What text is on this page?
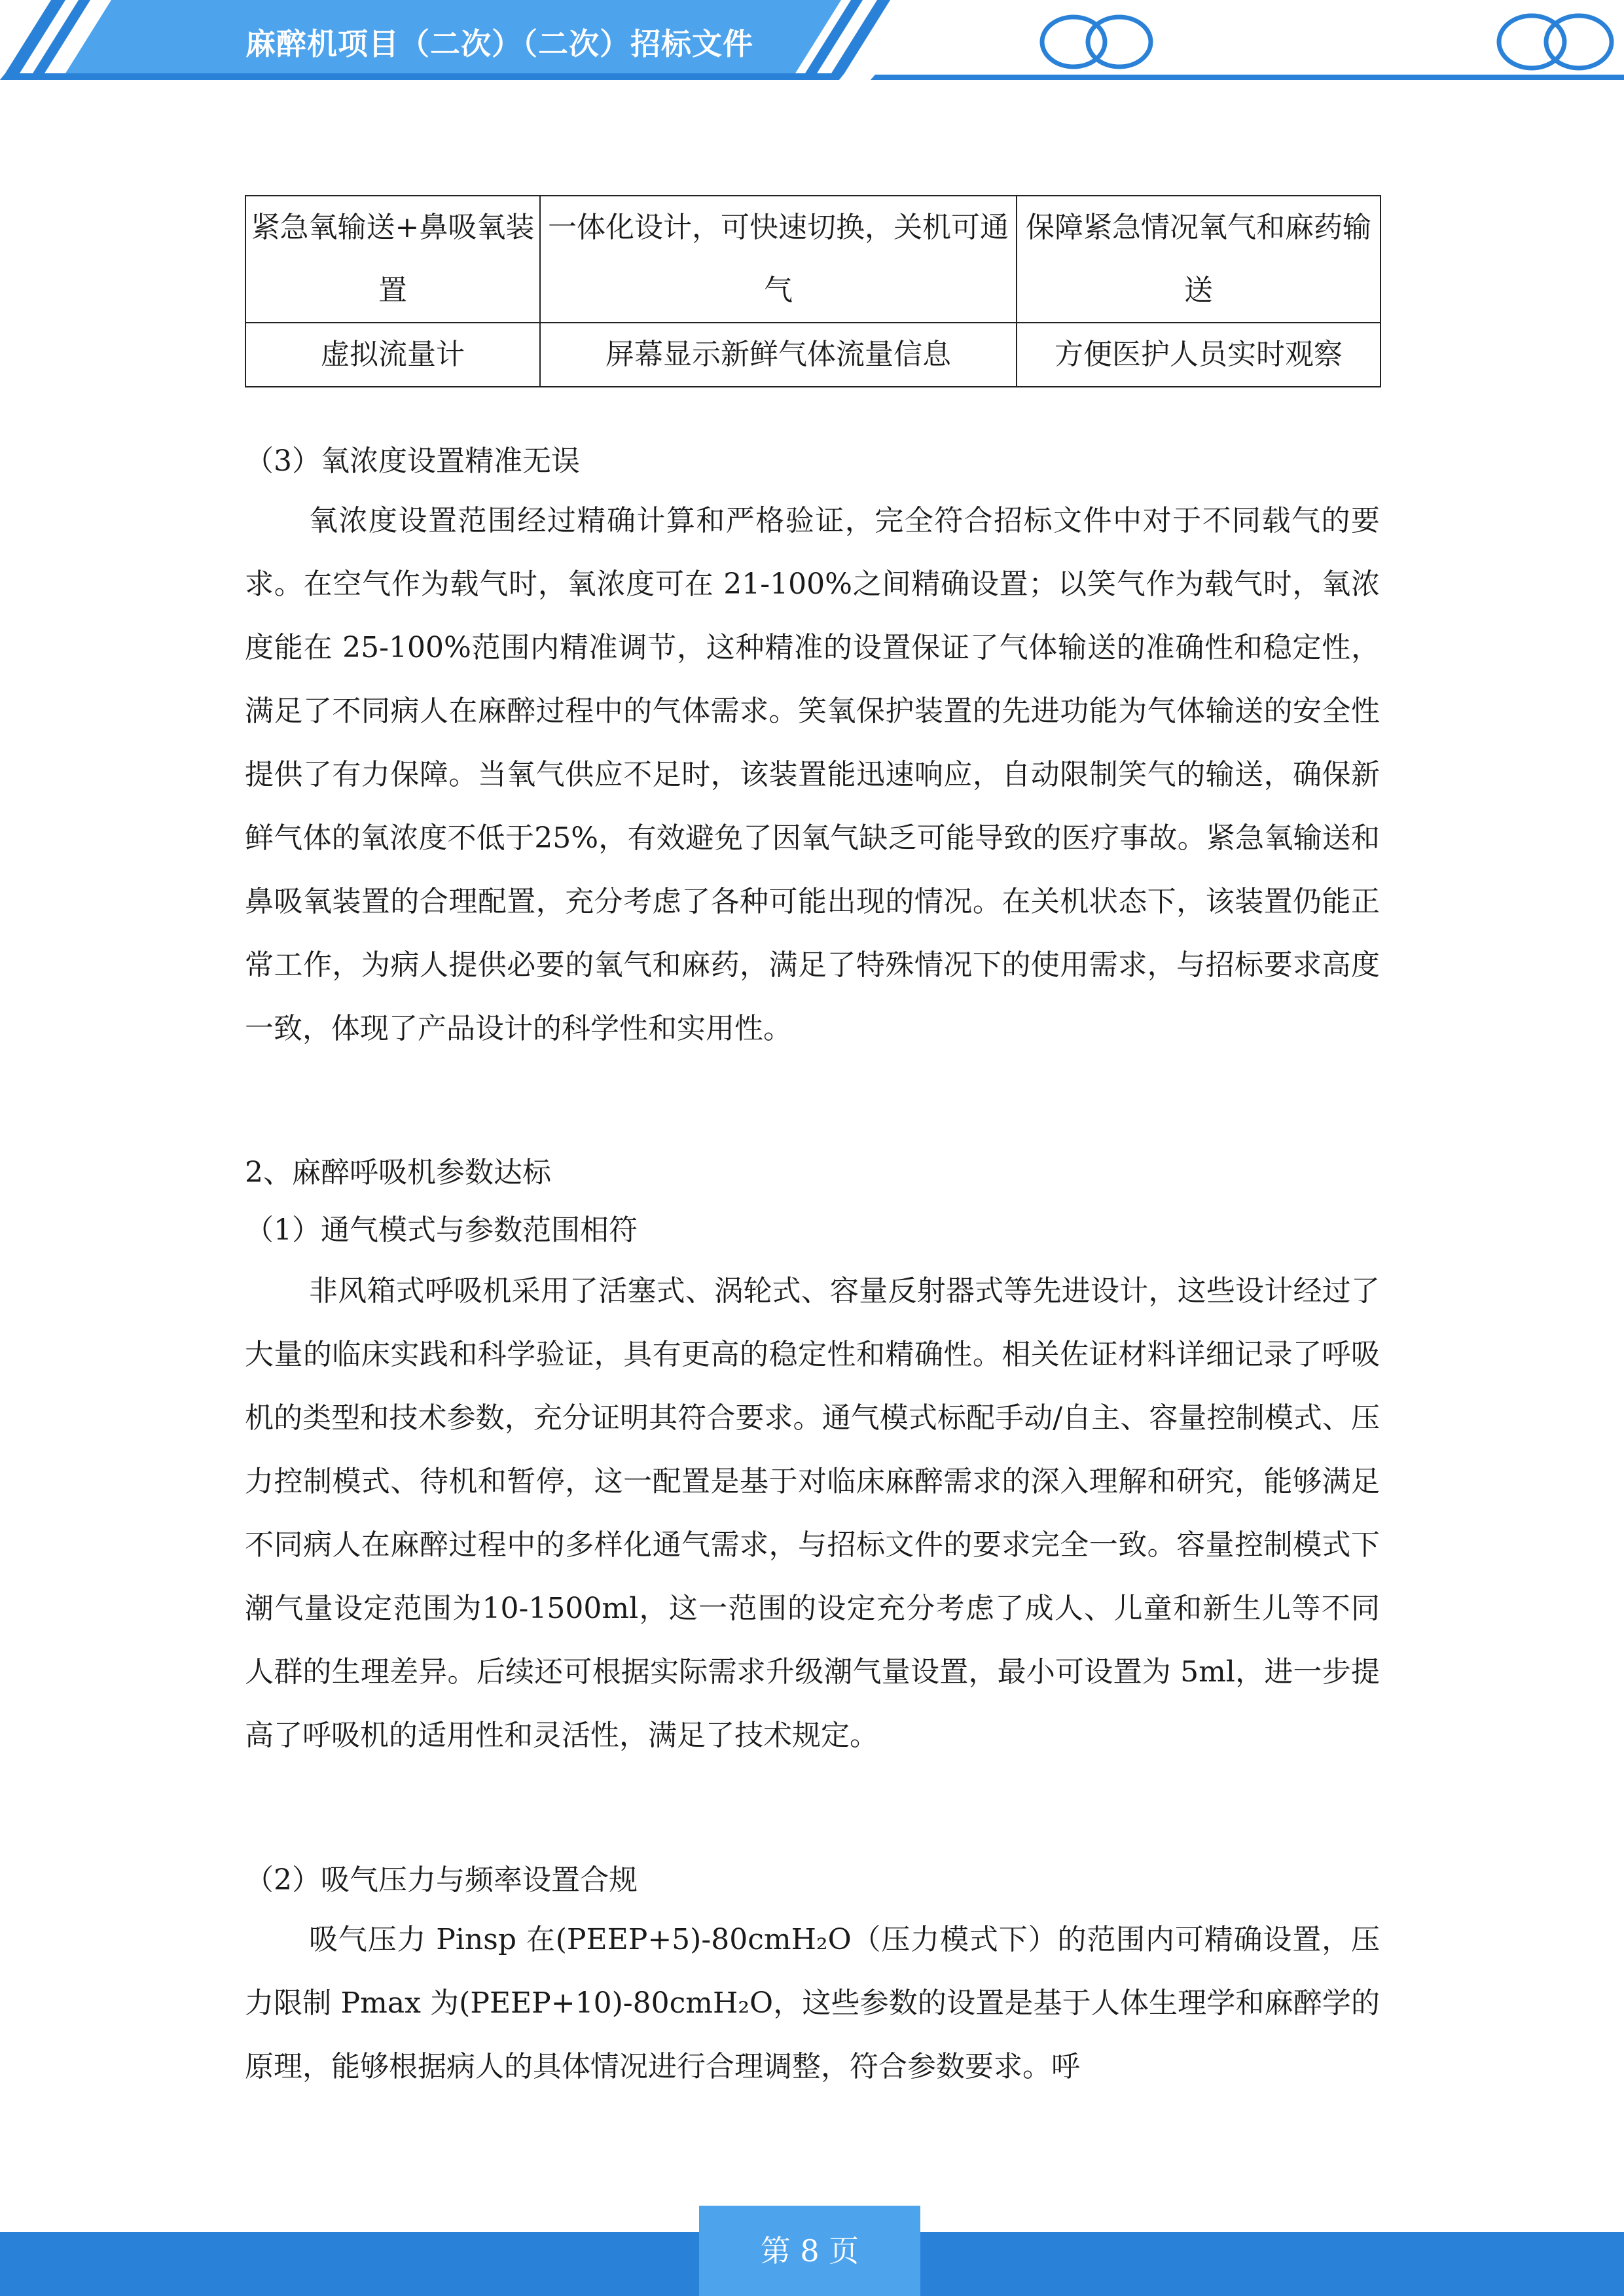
麻醉机项目（二次）（二次）招标文件
紧急氧输送+鼻吸氧装置	一体化设计，可快速切换，关机可通气	保障紧急情况氧气和麻药输送
虚拟流量计	屏幕显示新鲜气体流量信息	方便医护人员实时观察
（3）氧浓度设置精准无误
氧浓度设置范围经过精确计算和严格验证，完全符合招标文件中对于不同载气的要求。在空气作为载气时，氧浓度可在 21-100%之间精确设置；以笑气作为载气时，氧浓度能在 25-100%范围内精准调节，这种精准的设置保证了气体输送的准确性和稳定性，满足了不同病人在麻醉过程中的气体需求。笑氧保护装置的先进功能为气体输送的安全性提供了有力保障。当氧气供应不足时，该装置能迅速响应，自动限制笑气的输送，确保新鲜气体的氧浓度不低于25%，有效避免了因氧气缺乏可能导致的医疗事故。紧急氧输送和鼻吸氧装置的合理配置，充分考虑了各种可能出现的情况。在关机状态下，该装置仍能正常工作，为病人提供必要的氧气和麻药，满足了特殊情况下的使用需求，与招标要求高度一致，体现了产品设计的科学性和实用性。
2、麻醉呼吸机参数达标
（1）通气模式与参数范围相符
非风箱式呼吸机采用了活塞式、涡轮式、容量反射器式等先进设计，这些设计经过了大量的临床实践和科学验证，具有更高的稳定性和精确性。相关佐证材料详细记录了呼吸机的类型和技术参数，充分证明其符合要求。通气模式标配手动/自主、容量控制模式、压力控制模式、待机和暂停，这一配置是基于对临床麻醉需求的深入理解和研究，能够满足不同病人在麻醉过程中的多样化通气需求，与招标文件的要求完全一致。容量控制模式下潮气量设定范围为10-1500ml，这一范围的设定充分考虑了成人、儿童和新生儿等不同人群的生理差异。后续还可根据实际需求升级潮气量设置，最小可设置为 5ml，进一步提高了呼吸机的适用性和灵活性，满足了技术规定。
（2）吸气压力与频率设置合规
吸气压力 Pinsp 在(PEEP+5)-80cmH₂O（压力模式下）的范围内可精确设置，压力限制 Pmax 为(PEEP+10)-80cmH₂O，这些参数的设置是基于人体生理学和麻醉学的原理，能够根据病人的具体情况进行合理调整，符合参数要求。呼
第 8 页
